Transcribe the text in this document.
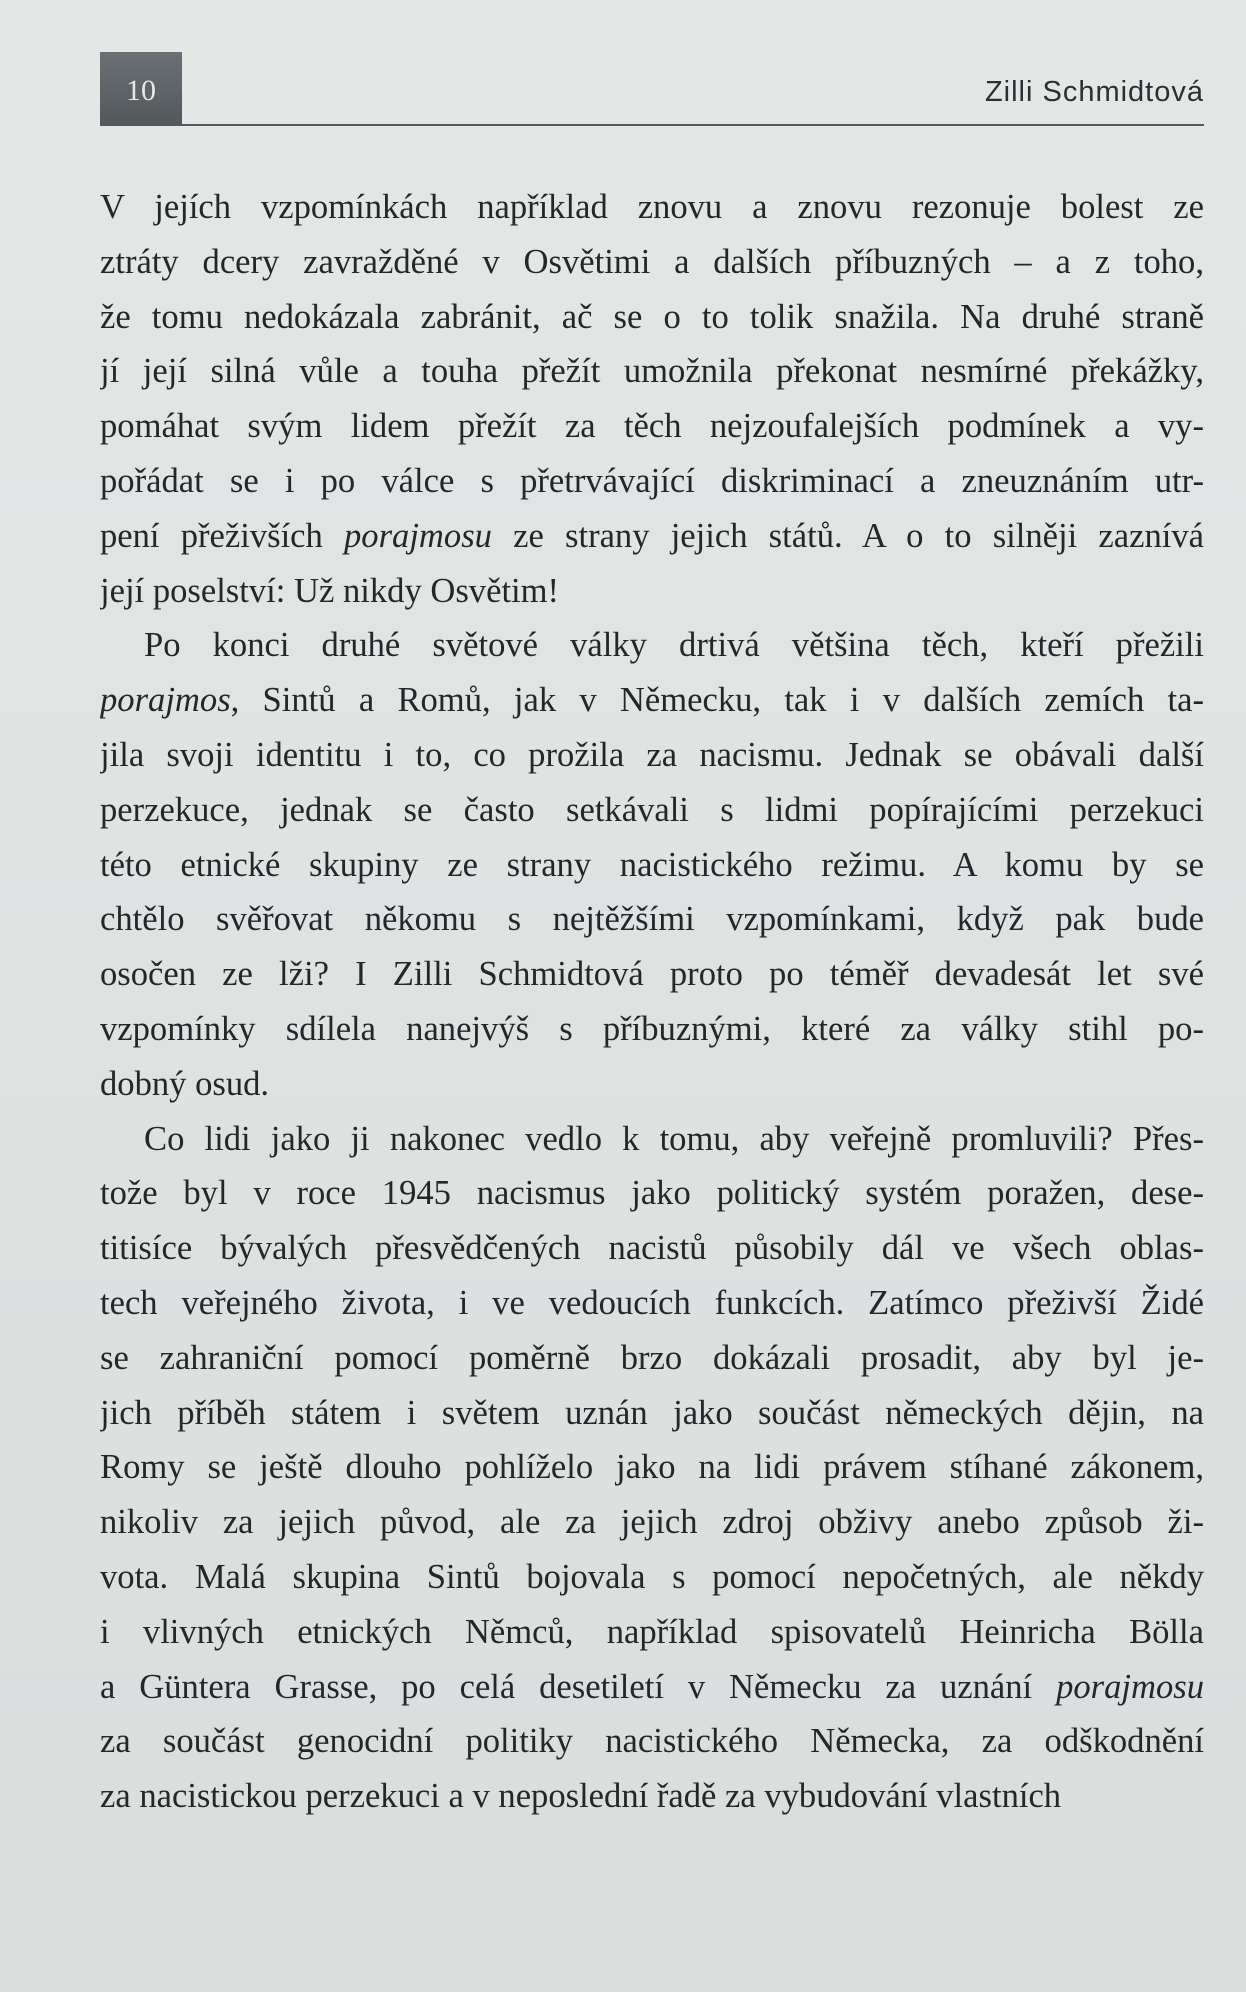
10	Zilli Schmidtová
V jejích vzpomínkách například znovu a znovu rezonuje bolest ze
ztráty dcery zavražděné v Osvětimi a dalších příbuzných – a z toho,
že tomu nedokázala zabránit, ač se o to tolik snažila. Na druhé straně
jí její silná vůle a touha přežít umožnila překonat nesmírné překážky,
pomáhat svým lidem přežít za těch nejzoufalejších podmínek a vy-
pořádat se i po válce s přetrvávající diskriminací a zneuznáním utr-
pení přeživších porajmosu ze strany jejich států. A o to silněji zaznívá
její poselství: Už nikdy Osvětim!
Po konci druhé světové války drtivá většina těch, kteří přežili
porajmos, Sintů a Romů, jak v Německu, tak i v dalších zemích ta-
jila svoji identitu i to, co prožila za nacismu. Jednak se obávali další
perzekuce, jednak se často setkávali s lidmi popírajícími perzekuci
této etnické skupiny ze strany nacistického režimu. A komu by se
chtělo svěřovat někomu s nejtěžšími vzpomínkami, když pak bude
osočen ze lži? I Zilli Schmidtová proto po téměř devadesát let své
vzpomínky sdílela nanejvýš s příbuznými, které za války stihl po-
dobný osud.
Co lidi jako ji nakonec vedlo k tomu, aby veřejně promluvili? Přes-
tože byl v roce 1945 nacismus jako politický systém poražen, dese-
titisíce bývalých přesvědčených nacistů působily dál ve všech oblas-
tech veřejného života, i ve vedoucích funkcích. Zatímco přeživší Židé
se zahraniční pomocí poměrně brzo dokázali prosadit, aby byl je-
jich příběh státem i světem uznán jako součást německých dějin, na
Romy se ještě dlouho pohlíželo jako na lidi právem stíhané zákonem,
nikoliv za jejich původ, ale za jejich zdroj obživy anebo způsob ži-
vota. Malá skupina Sintů bojovala s pomocí nepočetných, ale někdy
i vlivných etnických Němců, například spisovatelů Heinricha Bölla
a Güntera Grasse, po celá desetiletí v Německu za uznání porajmosu
za součást genocidní politiky nacistického Německa, za odškodnění
za nacistickou perzekuci a v neposlední řadě za vybudování vlastních
